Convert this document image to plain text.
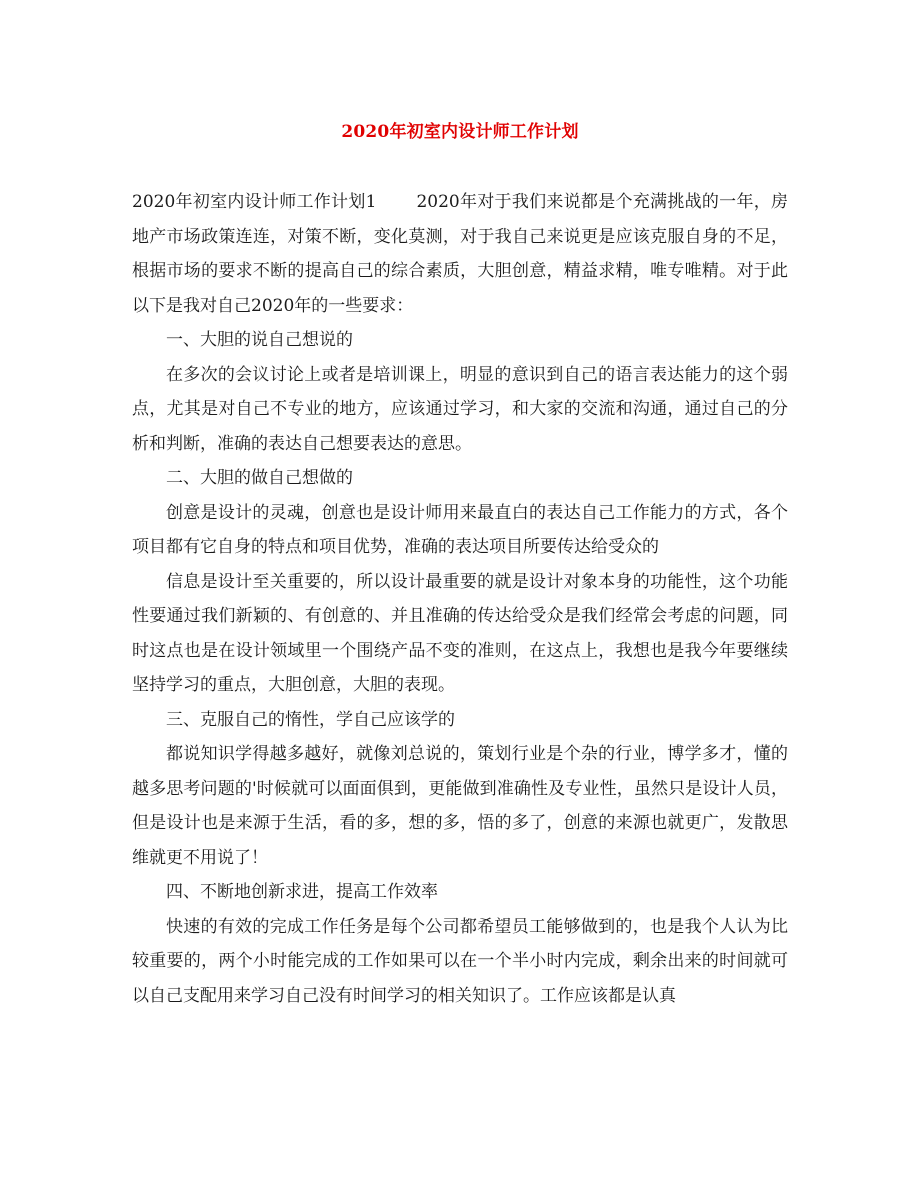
2020年初室内设计师工作计划

2020年初室内设计师工作计划1 2020年对于我们来说都是个充满挑战的一年，房地产市场政策连连，对策不断，变化莫测，对于我自己来说更是应该克服自身的不足，根据市场的要求不断的提高自己的综合素质，大胆创意，精益求精，唯专唯精。对于此以下是我对自己2020年的一些要求：

一、大胆的说自己想说的

在多次的会议讨论上或者是培训课上，明显的意识到自己的语言表达能力的这个弱点，尤其是对自己不专业的地方，应该通过学习，和大家的交流和沟通，通过自己的分析和判断，准确的表达自己想要表达的意思。

二、大胆的做自己想做的

创意是设计的灵魂，创意也是设计师用来最直白的表达自己工作能力的方式，各个项目都有它自身的特点和项目优势，准确的表达项目所要传达给受众的

信息是设计至关重要的，所以设计最重要的就是设计对象本身的功能性，这个功能性要通过我们新颖的、有创意的、并且准确的传达给受众是我们经常会考虑的问题，同时这点也是在设计领域里一个围绕产品不变的准则，在这点上，我想也是我今年要继续坚持学习的重点，大胆创意，大胆的表现。

三、克服自己的惰性，学自己应该学的

都说知识学得越多越好，就像刘总说的，策划行业是个杂的行业，博学多才，懂的越多思考问题的'时候就可以面面俱到，更能做到准确性及专业性，虽然只是设计人员，但是设计也是来源于生活，看的多，想的多，悟的多了，创意的来源也就更广，发散思维就更不用说了！

四、不断地创新求进，提高工作效率

快速的有效的完成工作任务是每个公司都希望员工能够做到的，也是我个人认为比较重要的，两个小时能完成的工作如果可以在一个半小时内完成，剩余出来的时间就可以自己支配用来学习自己没有时间学习的相关知识了。工作应该都是认真
